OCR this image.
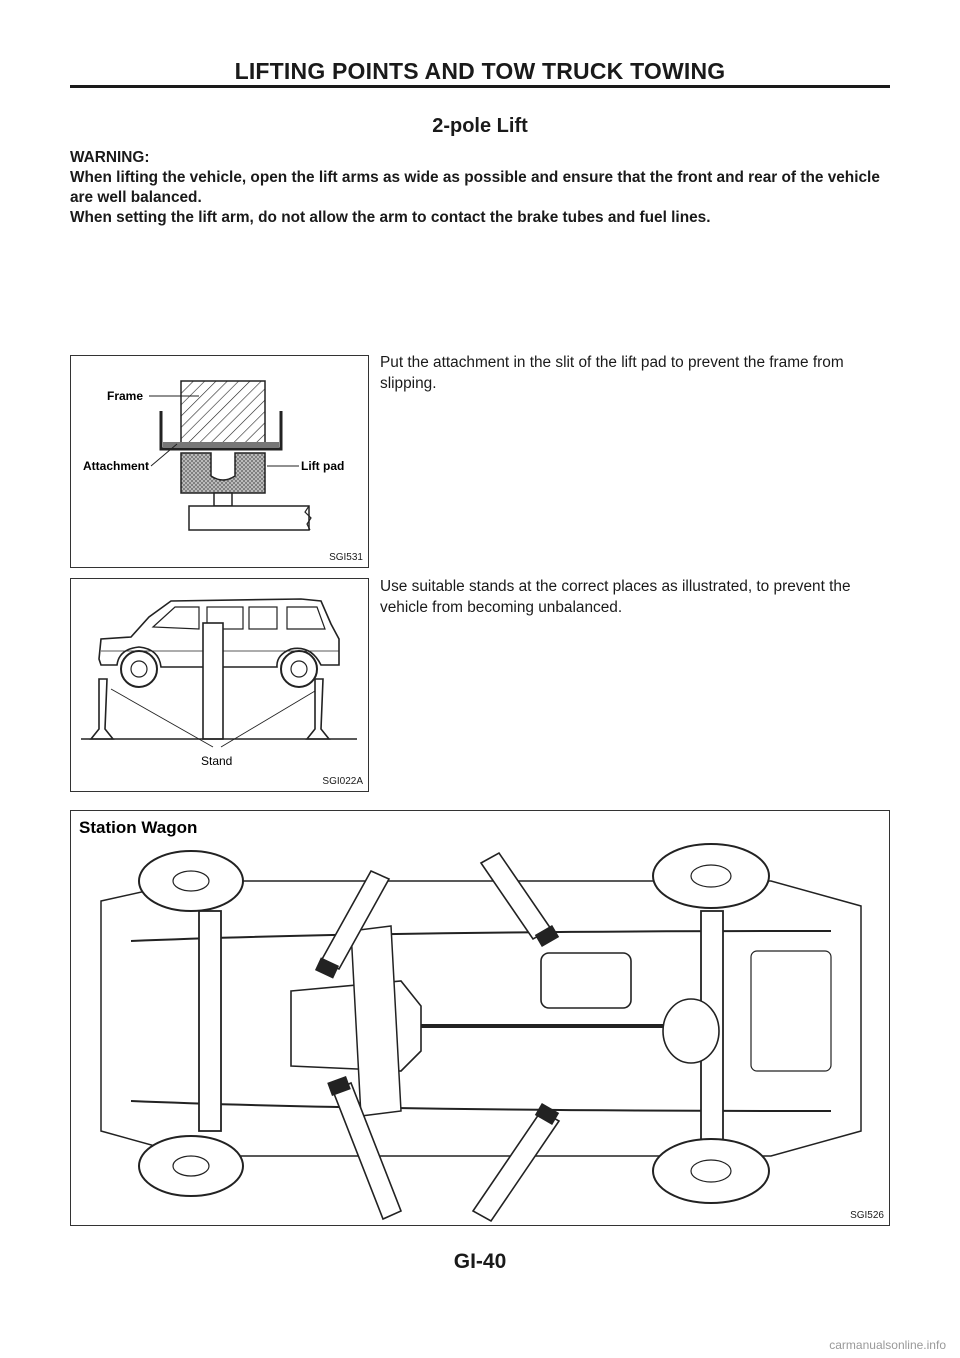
LIFTING POINTS AND TOW TRUCK TOWING
2-pole Lift
WARNING:
When lifting the vehicle, open the lift arms as wide as possible and ensure that the front and rear of the vehicle are well balanced.
When setting the lift arm, do not allow the arm to contact the brake tubes and fuel lines.
Frame
Attachment	Lift pad
SGI531
Put the attachment in the slit of the lift pad to prevent the frame from slipping.
Stand
SGI022A
Use suitable stands at the correct places as illustrated, to prevent the vehicle from becoming unbalanced.
Station Wagon
SGI526
GI-40
carmanualsonline.info
